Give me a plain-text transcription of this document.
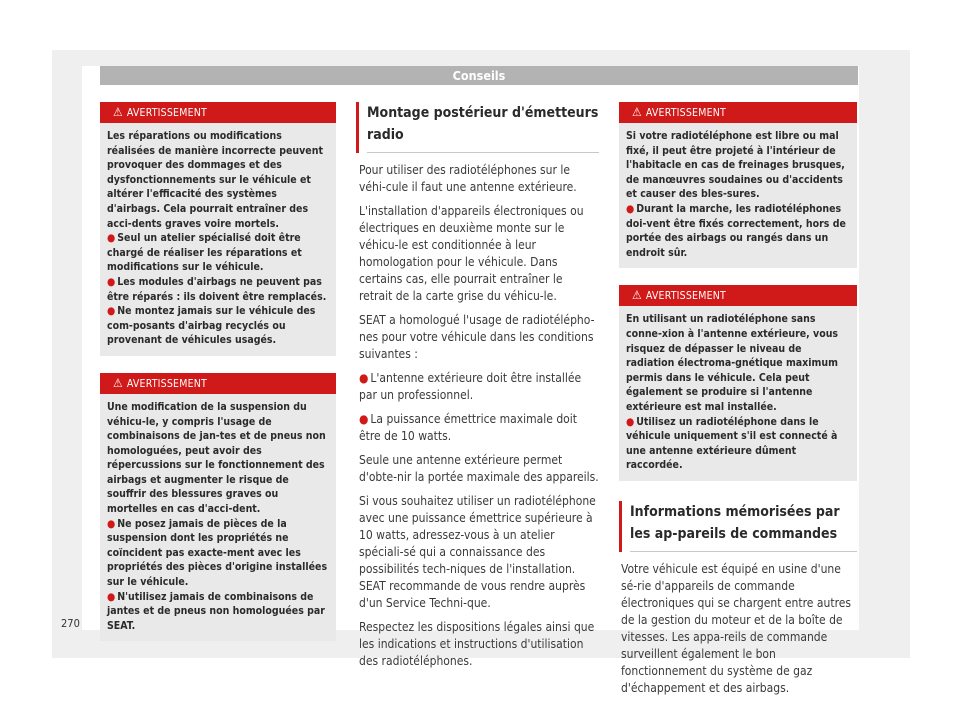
Conseils
⚠ AVERTISSEMENT

Les réparations ou modifications réalisées de manière incorrecte peuvent provoquer des dommages et des dysfonctionnements sur le véhicule et altérer l'efficacité des systèmes d'airbags. Cela pourrait entraîner des acci-dents graves voire mortels.

● Seul un atelier spécialisé doit être chargé de réaliser les réparations et modifications sur le véhicule.

● Les modules d'airbags ne peuvent pas être réparés : ils doivent être remplacés.

● Ne montez jamais sur le véhicule des com-posants d'airbag recyclés ou provenant de véhicules usagés.

⚠ AVERTISSEMENT

Une modification de la suspension du véhicu-le, y compris l'usage de combinaisons de jan-tes et de pneus non homologuées, peut avoir des répercussions sur le fonctionnement des airbags et augmenter le risque de souffrir des blessures graves ou mortelles en cas d'acci-dent.

● Ne posez jamais de pièces de la suspension dont les propriétés ne coïncident pas exacte-ment avec les propriétés des pièces d'origine installées sur le véhicule.

● N'utilisez jamais de combinaisons de jantes et de pneus non homologuées par SEAT.

Montage postérieur d'émetteurs radio

Pour utiliser des radiotéléphones sur le véhi-cule il faut une antenne extérieure.

L'installation d'appareils électroniques ou électriques en deuxième monte sur le véhicu-le est conditionnée à leur homologation pour le véhicule. Dans certains cas, elle pourrait entraîner le retrait de la carte grise du véhicu-le.

SEAT a homologué l'usage de radiotélépho-nes pour votre véhicule dans les conditions suivantes :

● L'antenne extérieure doit être installée par un professionnel.

● La puissance émettrice maximale doit être de 10 watts.

Seule une antenne extérieure permet d'obte-nir la portée maximale des appareils.

Si vous souhaitez utiliser un radiotéléphone avec une puissance émettrice supérieure à 10 watts, adressez-vous à un atelier spéciali-sé qui a connaissance des possibilités tech-niques de l'installation. SEAT recommande de vous rendre auprès d'un Service Techni-que.

Respectez les dispositions légales ainsi que les indications et instructions d'utilisation des radiotéléphones.

⚠ AVERTISSEMENT

Si votre radiotéléphone est libre ou mal fixé, il peut être projeté à l'intérieur de l'habitacle en cas de freinages brusques, de manœuvres soudaines ou d'accidents et causer des bles-sures.

● Durant la marche, les radiotéléphones doi-vent être fixés correctement, hors de portée des airbags ou rangés dans un endroit sûr.

⚠ AVERTISSEMENT

En utilisant un radiotéléphone sans conne-xion à l'antenne extérieure, vous risquez de dépasser le niveau de radiation électroma-gnétique maximum permis dans le véhicule. Cela peut également se produire si l'antenne extérieure est mal installée.

● Utilisez un radiotéléphone dans le véhicule uniquement s'il est connecté à une antenne extérieure dûment raccordée.

Informations mémorisées par les ap-pareils de commandes

Votre véhicule est équipé en usine d'une sé-rie d'appareils de commande électroniques qui se chargent entre autres de la gestion du moteur et de la boîte de vitesses. Les appa-reils de commande surveillent également le bon fonctionnement du système de gaz d'échappement et des airbags.

270
